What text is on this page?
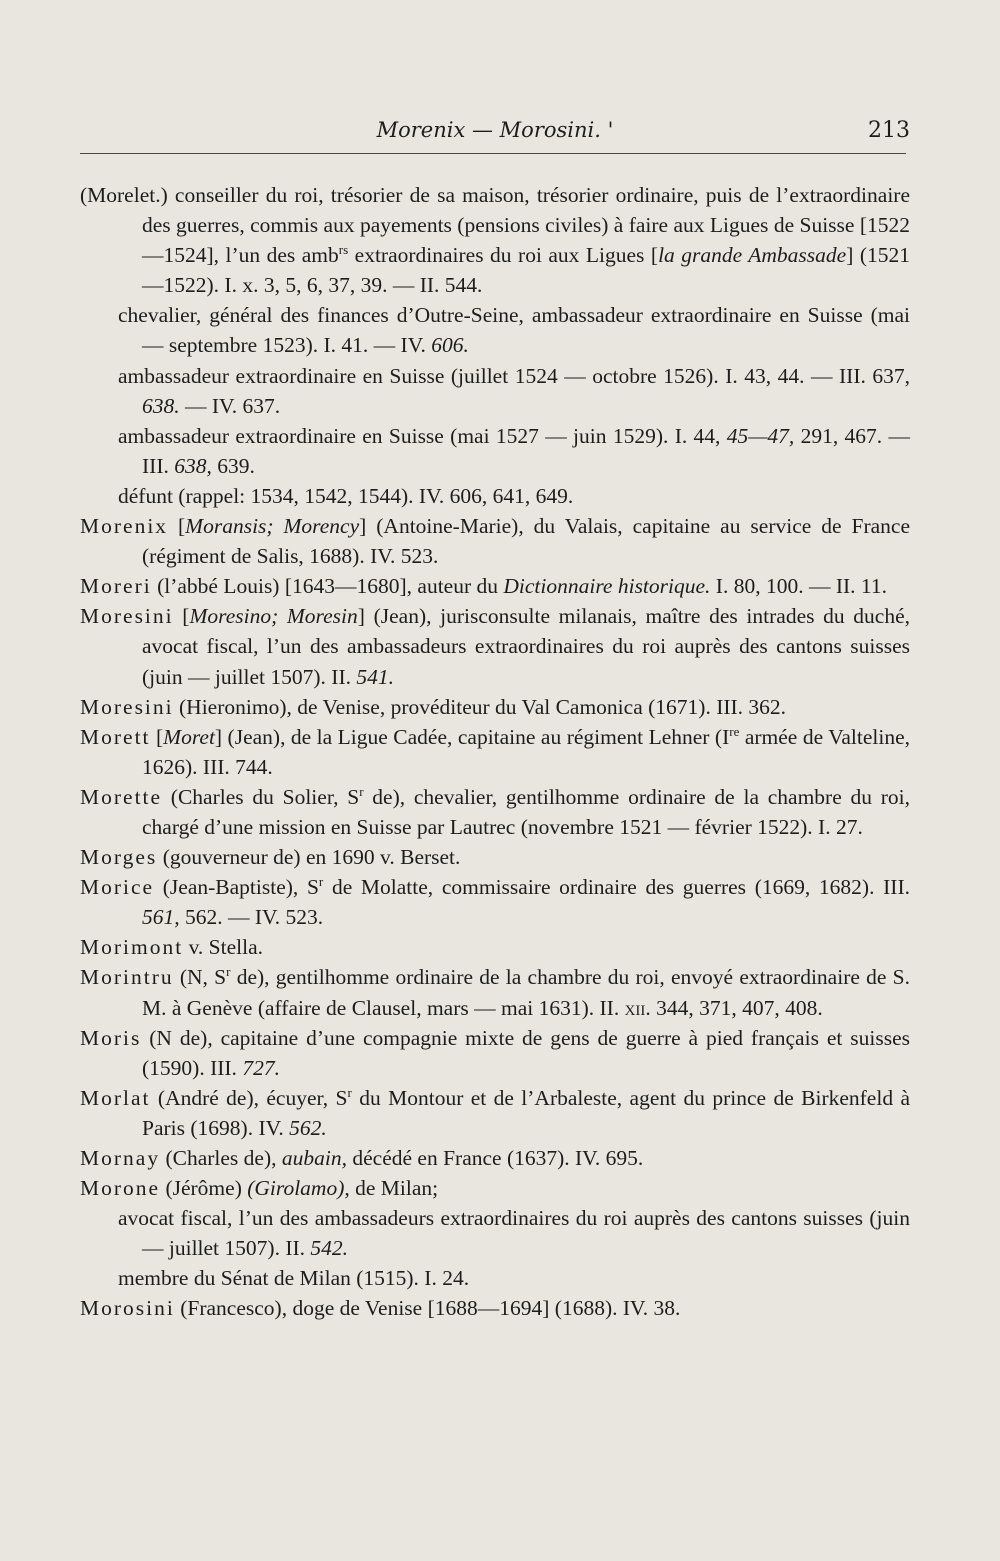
Morenix — Morosini. '	213
(Morelet.) conseiller du roi, trésorier de sa maison, trésorier ordinaire, puis de l’extraordinaire des guerres, commis aux payements (pensions civiles) à faire aux Ligues de Suisse [1522—1524], l’un des amb$^{rs}$ extraordinaires du roi aux Ligues [la grande Ambassade] (1521—1522). I. x. 3, 5, 6, 37, 39. — II. 544.
chevalier, général des finances d’Outre-Seine, ambassadeur extraordinaire en Suisse (mai — septembre 1523). I. 41. — IV. 606.
ambassadeur extraordinaire en Suisse (juillet 1524 — octobre 1526). I. 43, 44. — III. 637, 638. — IV. 637.
ambassadeur extraordinaire en Suisse (mai 1527 — juin 1529). I. 44, 45—47, 291, 467. — III. 638, 639.
défunt (rappel: 1534, 1542, 1544). IV. 606, 641, 649.
Morenix [Moransis; Morency] (Antoine-Marie), du Valais, capitaine au service de France (régiment de Salis, 1688). IV. 523.
Moreri (l’abbé Louis) [1643—1680], auteur du Dictionnaire historique. I. 80, 100. — II. 11.
Moresini [Moresino; Moresin] (Jean), jurisconsulte milanais, maître des intrades du duché, avocat fiscal, l’un des ambassadeurs extraordinaires du roi auprès des cantons suisses (juin — juillet 1507). II. 541.
Moresini (Hieronimo), de Venise, provéditeur du Val Camonica (1671). III. 362.
Morett [Moret] (Jean), de la Ligue Cadée, capitaine au régiment Lehner (Ire armée de Valteline, 1626). III. 744.
Morette (Charles du Solier, $S^r$ de), chevalier, gentilhomme ordinaire de la chambre du roi, chargé d’une mission en Suisse par Lautrec (novembre 1521 — février 1522). I. 27.
Morges (gouverneur de) en 1690 v. Berset.
Morice (Jean-Baptiste), $S^r$ de Molatte, commissaire ordinaire des guerres (1669, 1682). III. 561, 562. — IV. 523.
Morimont v. Stella.
Morintru (N, $S^r$ de), gentilhomme ordinaire de la chambre du roi, envoyé extraordinaire de S. M. à Genève (affaire de Clausel, mars — mai 1631). II. xii. 344, 371, 407, 408.
Moris (N de), capitaine d’une compagnie mixte de gens de guerre à pied français et suisses (1590). III. 727.
Morlat (André de), écuyer, $S^r$ du Montour et de l’Arbaleste, agent du prince de Birkenfeld à Paris (1698). IV. 562.
Mornay (Charles de), aubain, décédé en France (1637). IV. 695.
Morone (Jérôme) (Girolamo), de Milan;
avocat fiscal, l’un des ambassadeurs extraordinaires du roi auprès des cantons suisses (juin — juillet 1507). II. 542.
membre du Sénat de Milan (1515). I. 24.
Morosini (Francesco), doge de Venise [1688—1694] (1688). IV. 38.
